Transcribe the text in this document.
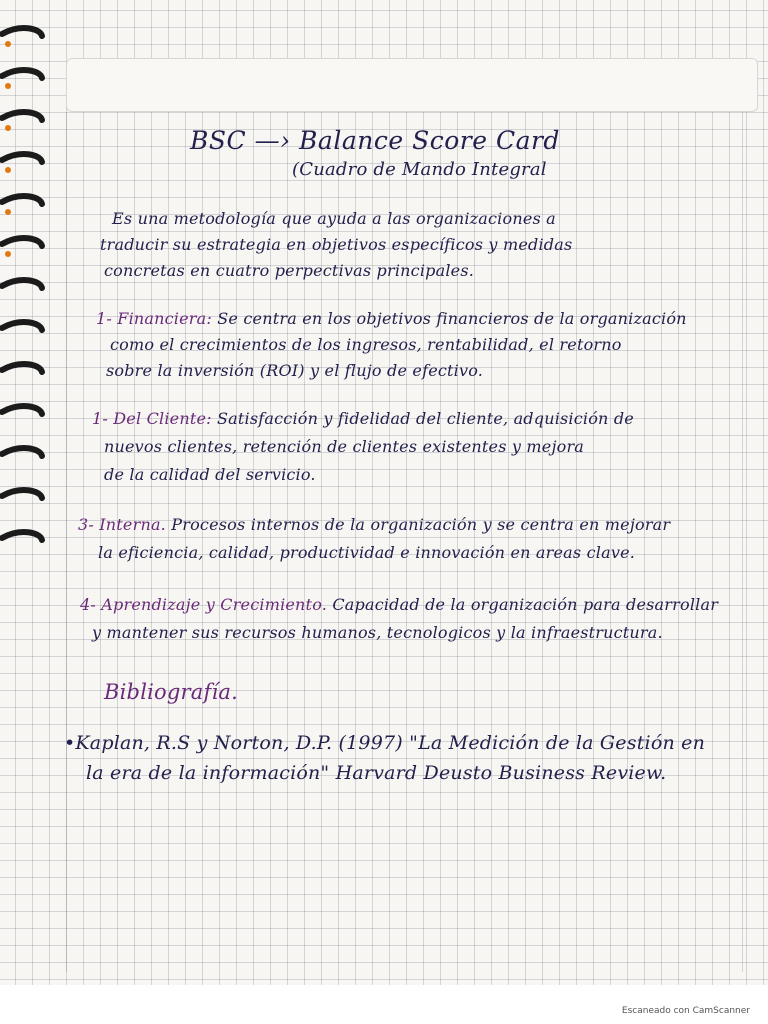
BSC —› Balance Score Card
(Cuadro de Mando Integral
Es una metodología que ayuda a las organizaciones a
traducir su estrategia en objetivos específicos y medidas
concretas en cuatro perpectivas principales.
1- Financiera: Se centra en los objetivos financieros de la organización
como el crecimientos de los ingresos, rentabilidad, el retorno
sobre la inversión (ROI) y el flujo de efectivo.
1- Del Cliente: Satisfacción y fidelidad del cliente, adquisición de
nuevos clientes, retención de clientes existentes y mejora
de la calidad del servicio.
3- Interna. Procesos internos de la organización y se centra en mejorar
la eficiencia, calidad, productividad e innovación en areas clave.
4- Aprendizaje y Crecimiento. Capacidad de la organización para desarrollar
y mantener sus recursos humanos, tecnologicos y la infraestructura.
Bibliografía.
•Kaplan, R.S y Norton, D.P. (1997) "La Medición de la Gestión en
la era de la información" Harvard Deusto Business Review.
Escaneado con CamScanner
